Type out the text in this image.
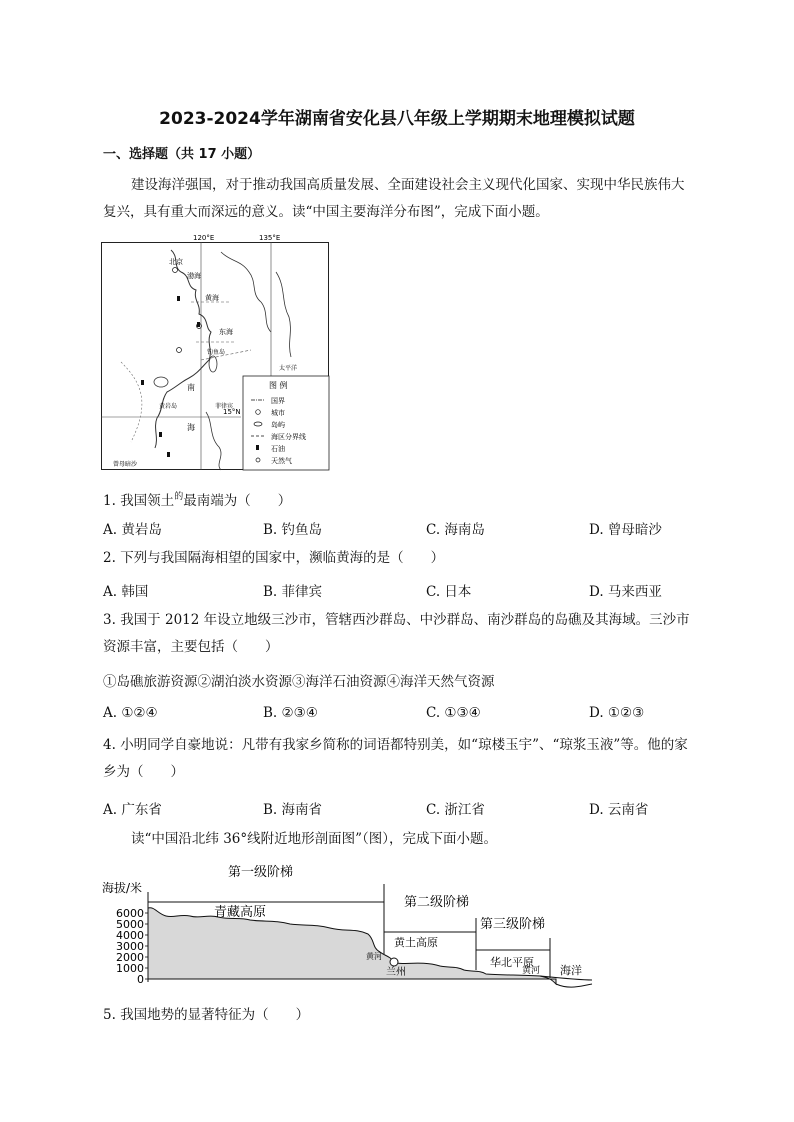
2023-2024学年湖南省安化县八年级上学期期末地理模拟试题
一、选择题（共 17 小题）
建设海洋强国，对于推动我国高质量发展、全面建设社会主义现代化国家、实现中华民族伟大复兴，具有重大而深远的意义。读“中国主要海洋分布图”，完成下面小题。
120°E	135°E
15°N
北京
渤海
黄海
东海
钓鱼岛
南
海
黄岩岛	菲律宾
太平洋
曾母暗沙
图 例
国界
城市
岛屿
海区分界线
石油
天然气
1. 我国领土$^的$最南端为（　　）
A. 黄岩岛	B. 钓鱼岛	C. 海南岛	D. 曾母暗沙
2. 下列与我国隔海相望的国家中，濒临黄海的是（　　）
A. 韩国	B. 菲律宾	C. 日本	D. 马来西亚
3. 我国于 2012 年设立地级三沙市，管辖西沙群岛、中沙群岛、南沙群岛的岛礁及其海域。三沙市资源丰富，主要包括（　　）
①岛礁旅游资源②湖泊淡水资源③海洋石油资源④海洋天然气资源
A. ①②④	B. ②③④	C. ①③④	D. ①②③
4. 小明同学自豪地说：凡带有我家乡简称的词语都特别美，如“琼楼玉宇”、“琼浆玉液”等。他的家乡为（　　）
A. 广东省	B. 海南省	C. 浙江省	D. 云南省
读“中国沿北纬 36°线附近地形剖面图”（图），完成下面小题。
海拔/米
6000
5000
4000
3000
2000
1000
0
第一级阶梯
第二级阶梯
第三级阶梯
青藏高原
黄土高原
华北平原
黄河
兰州	黄河 海洋
5. 我国地势的显著特征为（　　）
